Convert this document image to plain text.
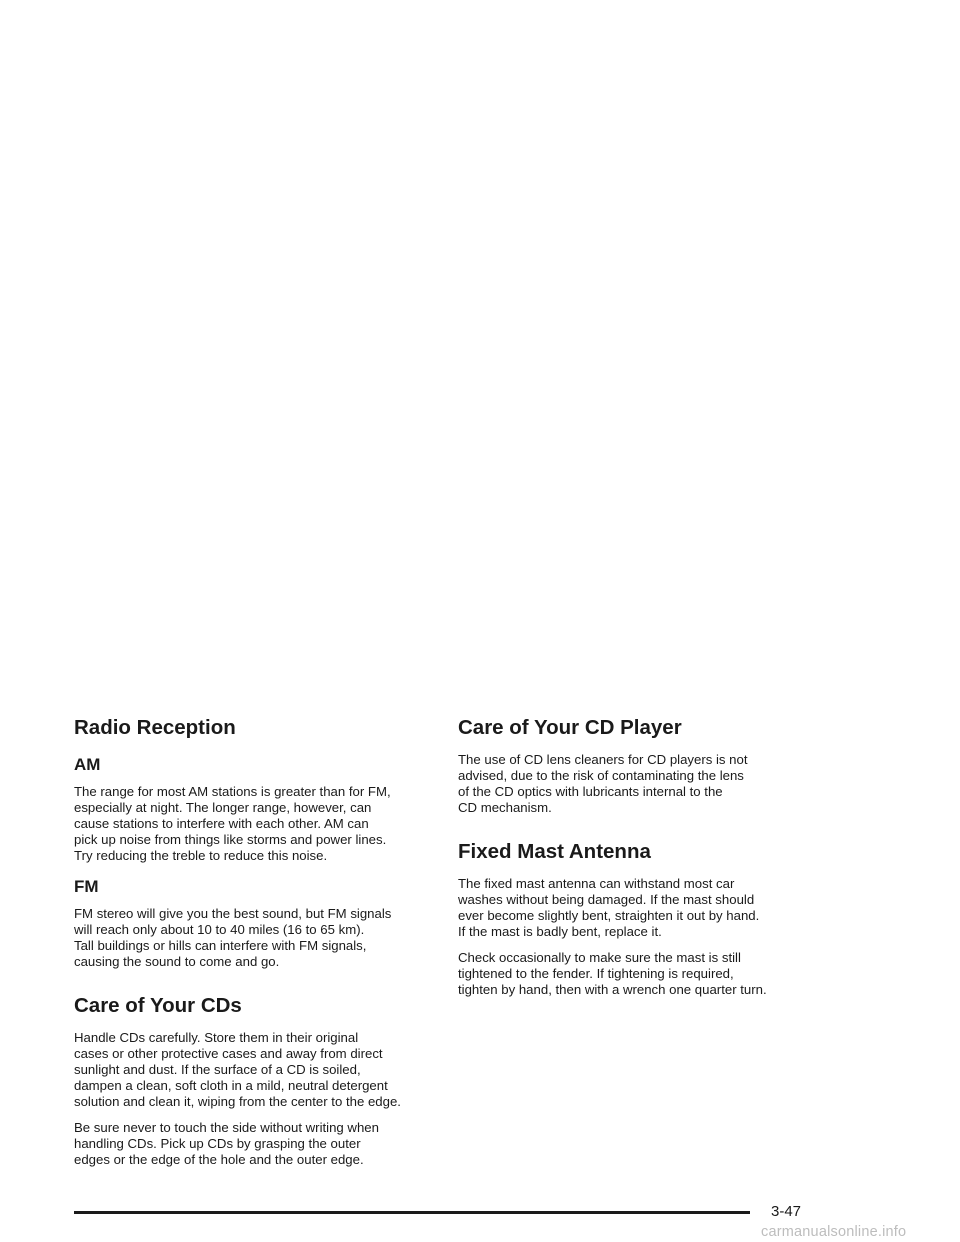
Radio Reception
AM

The range for most AM stations is greater than for FM,
especially at night. The longer range, however, can
cause stations to interfere with each other. AM can
pick up noise from things like storms and power lines.
Try reducing the treble to reduce this noise.

FM

FM stereo will give you the best sound, but FM signals
will reach only about 10 to 40 miles (16 to 65 km).
Tall buildings or hills can interfere with FM signals,
causing the sound to come and go.

Care of Your CDs

Handle CDs carefully. Store them in their original
cases or other protective cases and away from direct
sunlight and dust. If the surface of a CD is soiled,
dampen a clean, soft cloth in a mild, neutral detergent
solution and clean it, wiping from the center to the edge.

Be sure never to touch the side without writing when
handling CDs. Pick up CDs by grasping the outer
edges or the edge of the hole and the outer edge.

Care of Your CD Player

The use of CD lens cleaners for CD players is not
advised, due to the risk of contaminating the lens
of the CD optics with lubricants internal to the
CD mechanism.

Fixed Mast Antenna

The fixed mast antenna can withstand most car
washes without being damaged. If the mast should
ever become slightly bent, straighten it out by hand.
If the mast is badly bent, replace it.

Check occasionally to make sure the mast is still
tightened to the fender. If tightening is required,
tighten by hand, then with a wrench one quarter turn.

3-47
carmanualsonline.info
